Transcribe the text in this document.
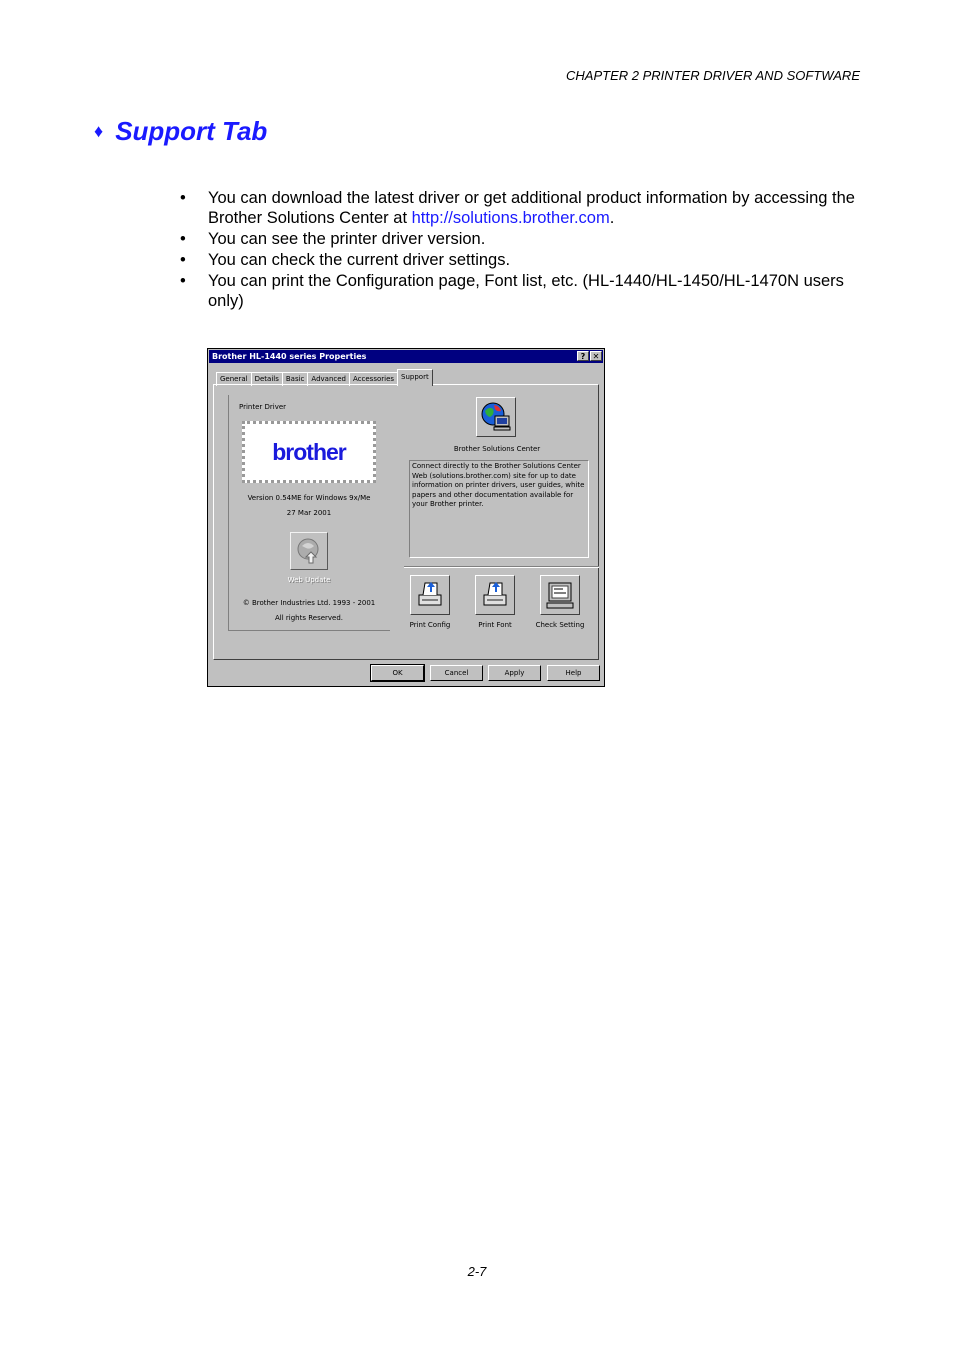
CHAPTER 2 PRINTER DRIVER AND SOFTWARE
♦ Support Tab
• You can download the latest driver or get additional product information by accessing the Brother Solutions Center at http://solutions.brother.com.
• You can see the printer driver version.
• You can check the current driver settings.
• You can print the Configuration page, Font list, etc. (HL-1440/HL-1450/HL-1470N users only)
Brother HL-1440 series Properties	? ✕
General	Details	Basic	Advanced	Accessories	Support
Printer Driver
brother
Version 0.54ME for Windows 9x/Me
27 Mar 2001
Web Update
© Brother Industries Ltd. 1993 - 2001
All rights Reserved.
Brother Solutions Center
Connect directly to the Brother Solutions Center Web (solutions.brother.com) site for up to date information on printer drivers, user guides, white papers and other documentation available for your Brother printer.
Print Config	Print Font	Check Setting
OK	Cancel	Apply	Help
2-7
